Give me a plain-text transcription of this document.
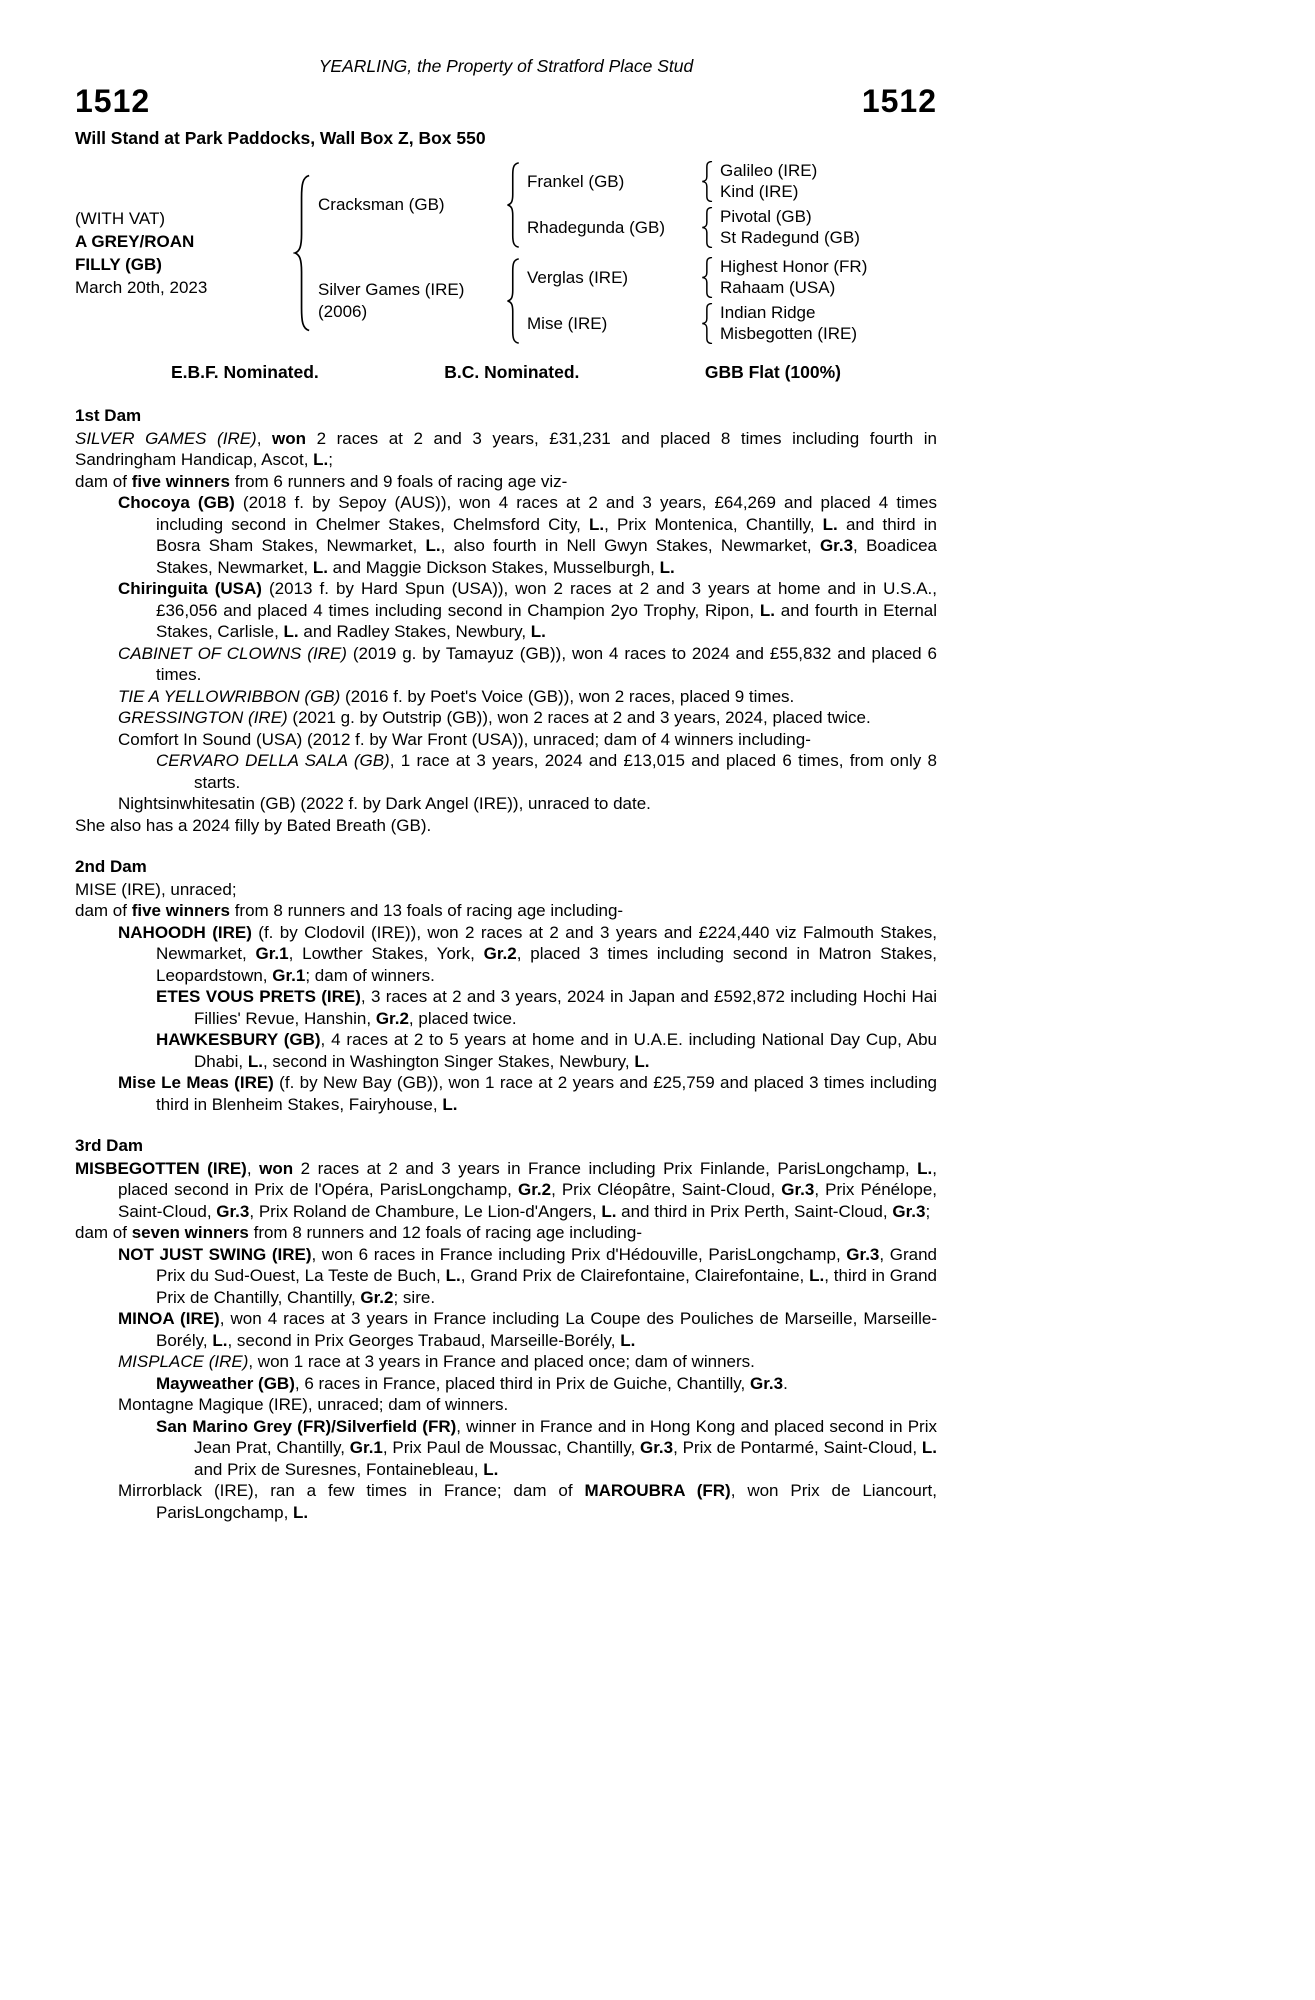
YEARLING, the Property of Stratford Place Stud
1512	1512
Will Stand at Park Paddocks, Wall Box Z, Box 550
(WITH VAT)
A GREY/ROAN
FILLY (GB)
March 20th, 2023
Cracksman (GB)
Frankel (GB)
Galileo (IRE)
Kind (IRE)
Rhadegunda (GB)
Pivotal (GB)
St Radegund (GB)
Silver Games (IRE)
(2006)
Verglas (IRE)
Highest Honor (FR)
Rahaam (USA)
Mise (IRE)
Indian Ridge
Misbegotten (IRE)
E.B.F. Nominated.	B.C. Nominated.	GBB Flat (100%)
1st Dam

SILVER GAMES (IRE), won 2 races at 2 and 3 years, £31,231 and placed 8 times including fourth in Sandringham Handicap, Ascot, L.;

dam of five winners from 6 runners and 9 foals of racing age viz-

Chocoya (GB) (2018 f. by Sepoy (AUS)), won 4 races at 2 and 3 years, £64,269 and placed 4 times including second in Chelmer Stakes, Chelmsford City, L., Prix Montenica, Chantilly, L. and third in Bosra Sham Stakes, Newmarket, L., also fourth in Nell Gwyn Stakes, Newmarket, Gr.3, Boadicea Stakes, Newmarket, L. and Maggie Dickson Stakes, Musselburgh, L.

Chiringuita (USA) (2013 f. by Hard Spun (USA)), won 2 races at 2 and 3 years at home and in U.S.A., £36,056 and placed 4 times including second in Champion 2yo Trophy, Ripon, L. and fourth in Eternal Stakes, Carlisle, L. and Radley Stakes, Newbury, L.

CABINET OF CLOWNS (IRE) (2019 g. by Tamayuz (GB)), won 4 races to 2024 and £55,832 and placed 6 times.

TIE A YELLOWRIBBON (GB) (2016 f. by Poet's Voice (GB)), won 2 races, placed 9 times.

GRESSINGTON (IRE) (2021 g. by Outstrip (GB)), won 2 races at 2 and 3 years, 2024, placed twice.

Comfort In Sound (USA) (2012 f. by War Front (USA)), unraced; dam of 4 winners including-

CERVARO DELLA SALA (GB), 1 race at 3 years, 2024 and £13,015 and placed 6 times, from only 8 starts.

Nightsinwhitesatin (GB) (2022 f. by Dark Angel (IRE)), unraced to date.

She also has a 2024 filly by Bated Breath (GB).

2nd Dam

MISE (IRE), unraced;

dam of five winners from 8 runners and 13 foals of racing age including-

NAHOODH (IRE) (f. by Clodovil (IRE)), won 2 races at 2 and 3 years and £224,440 viz Falmouth Stakes, Newmarket, Gr.1, Lowther Stakes, York, Gr.2, placed 3 times including second in Matron Stakes, Leopardstown, Gr.1; dam of winners.

ETES VOUS PRETS (IRE), 3 races at 2 and 3 years, 2024 in Japan and £592,872 including Hochi Hai Fillies' Revue, Hanshin, Gr.2, placed twice.

HAWKESBURY (GB), 4 races at 2 to 5 years at home and in U.A.E. including National Day Cup, Abu Dhabi, L., second in Washington Singer Stakes, Newbury, L.

Mise Le Meas (IRE) (f. by New Bay (GB)), won 1 race at 2 years and £25,759 and placed 3 times including third in Blenheim Stakes, Fairyhouse, L.

3rd Dam

MISBEGOTTEN (IRE), won 2 races at 2 and 3 years in France including Prix Finlande, ParisLongchamp, L., placed second in Prix de l'Opéra, ParisLongchamp, Gr.2, Prix Cléopâtre, Saint-Cloud, Gr.3, Prix Pénélope, Saint-Cloud, Gr.3, Prix Roland de Chambure, Le Lion-d'Angers, L. and third in Prix Perth, Saint-Cloud, Gr.3;

dam of seven winners from 8 runners and 12 foals of racing age including-

NOT JUST SWING (IRE), won 6 races in France including Prix d'Hédouville, ParisLongchamp, Gr.3, Grand Prix du Sud-Ouest, La Teste de Buch, L., Grand Prix de Clairefontaine, Clairefontaine, L., third in Grand Prix de Chantilly, Chantilly, Gr.2; sire.

MINOA (IRE), won 4 races at 3 years in France including La Coupe des Pouliches de Marseille, Marseille-Borély, L., second in Prix Georges Trabaud, Marseille-Borély, L.

MISPLACE (IRE), won 1 race at 3 years in France and placed once; dam of winners.

Mayweather (GB), 6 races in France, placed third in Prix de Guiche, Chantilly, Gr.3.

Montagne Magique (IRE), unraced; dam of winners.

San Marino Grey (FR)/Silverfield (FR), winner in France and in Hong Kong and placed second in Prix Jean Prat, Chantilly, Gr.1, Prix Paul de Moussac, Chantilly, Gr.3, Prix de Pontarmé, Saint-Cloud, L. and Prix de Suresnes, Fontainebleau, L.

Mirrorblack (IRE), ran a few times in France; dam of MAROUBRA (FR), won Prix de Liancourt, ParisLongchamp, L.
